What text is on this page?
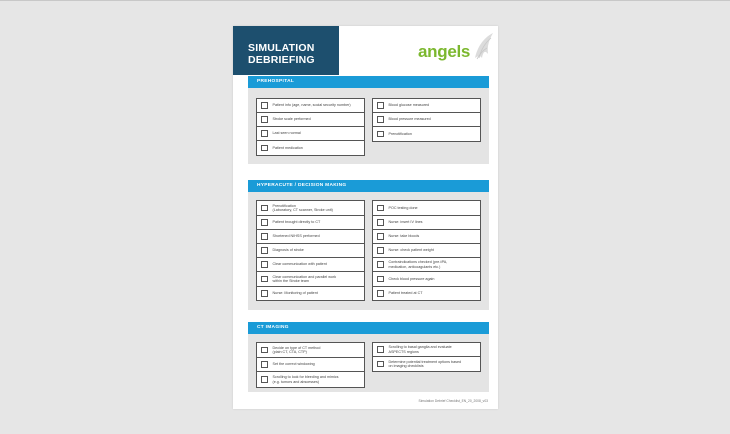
SIMULATION
DEBRIEFING	angels
PREHOSPITAL
Patient info (age, name, social security number)
Stroke scale performed
Last seen normal
Patient medication
Blood glucose measured
Blood pressure measured
Prenotification
HYPERACUTE / DECISION MAKING
Prenotification
(Laboratory, CT scanner, Stroke unit)
Patient brought directly to CT
Shortened NIHSS performed
Diagnosis of stroke
Clear communication with patient
Clear communication and parallel work
within the Stroke team
Nurse: Monitoring of patient
POC testing done
Nurse: insert IV lines
Nurse: take bloods
Nurse: check patient weight
Contraindications checked (pre-tPA,
medication, anticoagulants etc.)
Check blood pressure again
Patient treated at CT
CT IMAGING
Decide on type of CT method
(plain CT, CTA, CTP)
Set the correct windowing
Scrolling to look for bleeding and mimics
(e.g. tumors and abscesses)
Scrolling to basal ganglia and evaluate
ASPECTS regions
Determine potential treatment options based
on imaging checklists
Simulation Debrief Checklist_EN_20_2008_v03
